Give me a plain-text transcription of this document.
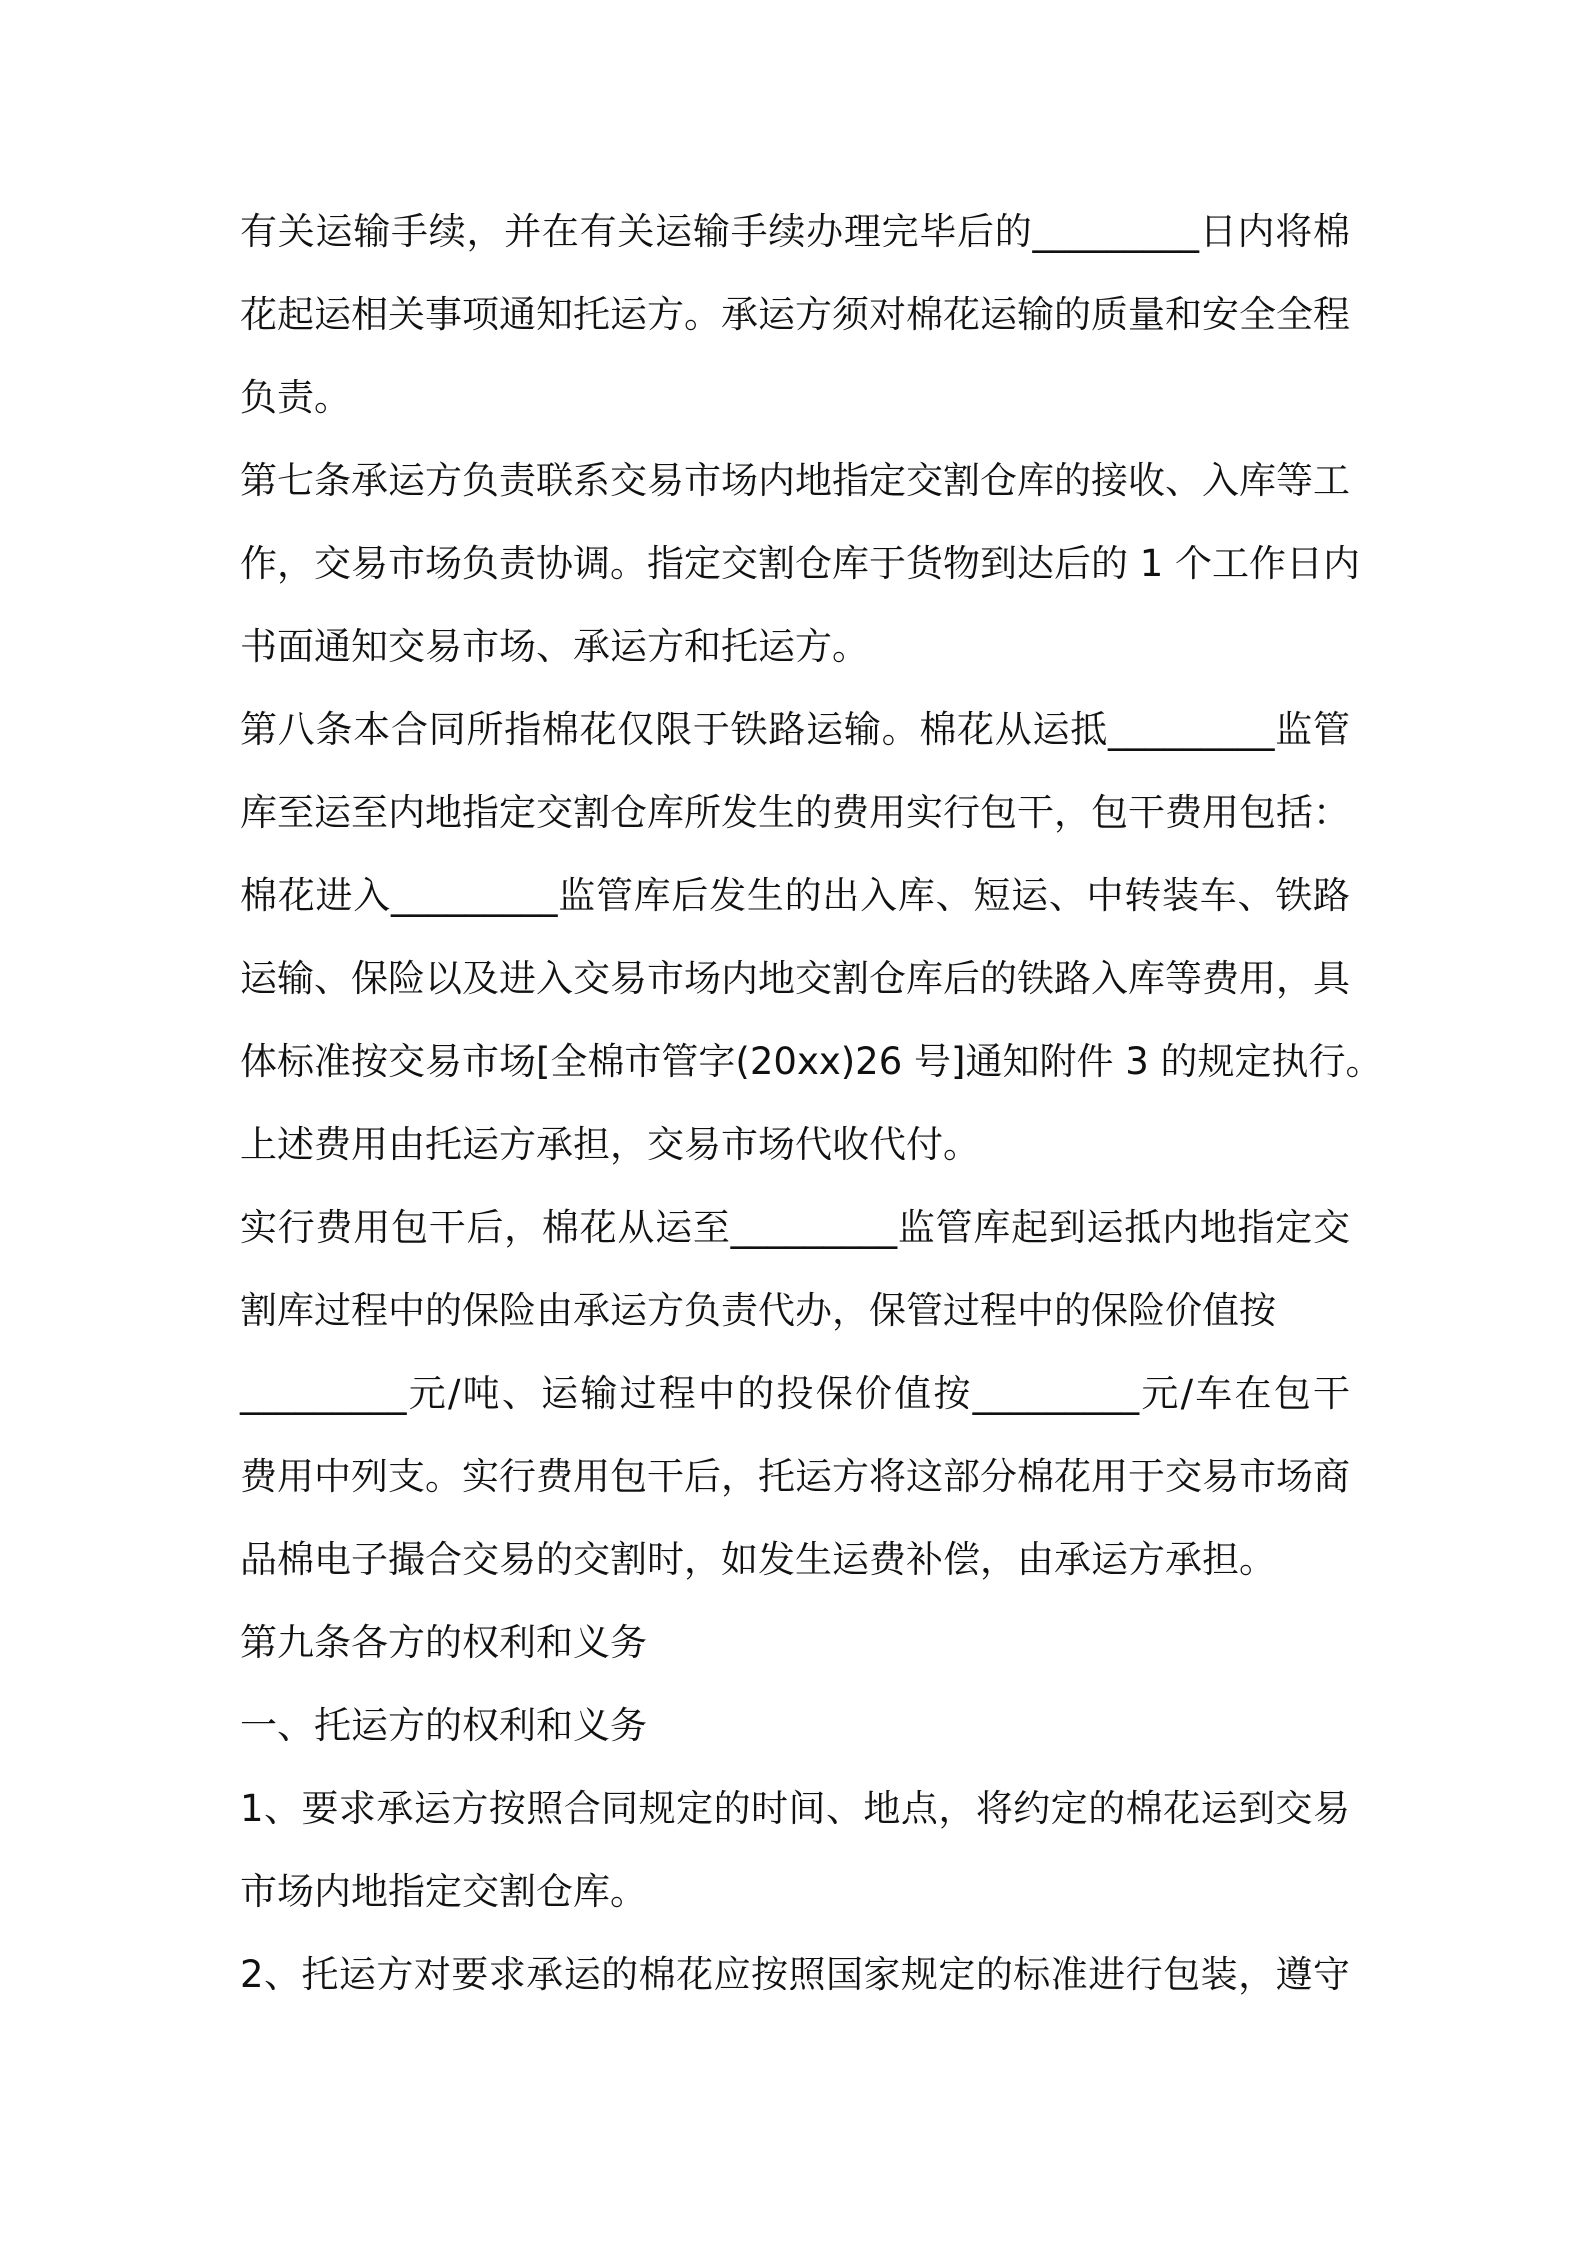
有关运输手续，并在有关运输手续办理完毕后的_________日内将棉
花起运相关事项通知托运方。承运方须对棉花运输的质量和安全全程
负责。
第七条承运方负责联系交易市场内地指定交割仓库的接收、入库等工
作，交易市场负责协调。指定交割仓库于货物到达后的 1 个工作日内
书面通知交易市场、承运方和托运方。
第八条本合同所指棉花仅限于铁路运输。棉花从运抵_________监管
库至运至内地指定交割仓库所发生的费用实行包干，包干费用包括：
棉花进入_________监管库后发生的出入库、短运、中转装车、铁路
运输、保险以及进入交易市场内地交割仓库后的铁路入库等费用，具
体标准按交易市场[全棉市管字(20xx)26 号]通知附件 3 的规定执行。
上述费用由托运方承担，交易市场代收代付。
实行费用包干后，棉花从运至_________监管库起到运抵内地指定交
割库过程中的保险由承运方负责代办，保管过程中的保险价值按
_________元/吨、运输过程中的投保价值按_________元/车在包干
费用中列支。实行费用包干后，托运方将这部分棉花用于交易市场商
品棉电子撮合交易的交割时，如发生运费补偿，由承运方承担。
第九条各方的权利和义务
一、托运方的权利和义务
1、要求承运方按照合同规定的时间、地点，将约定的棉花运到交易
市场内地指定交割仓库。
2、托运方对要求承运的棉花应按照国家规定的标准进行包装，遵守
